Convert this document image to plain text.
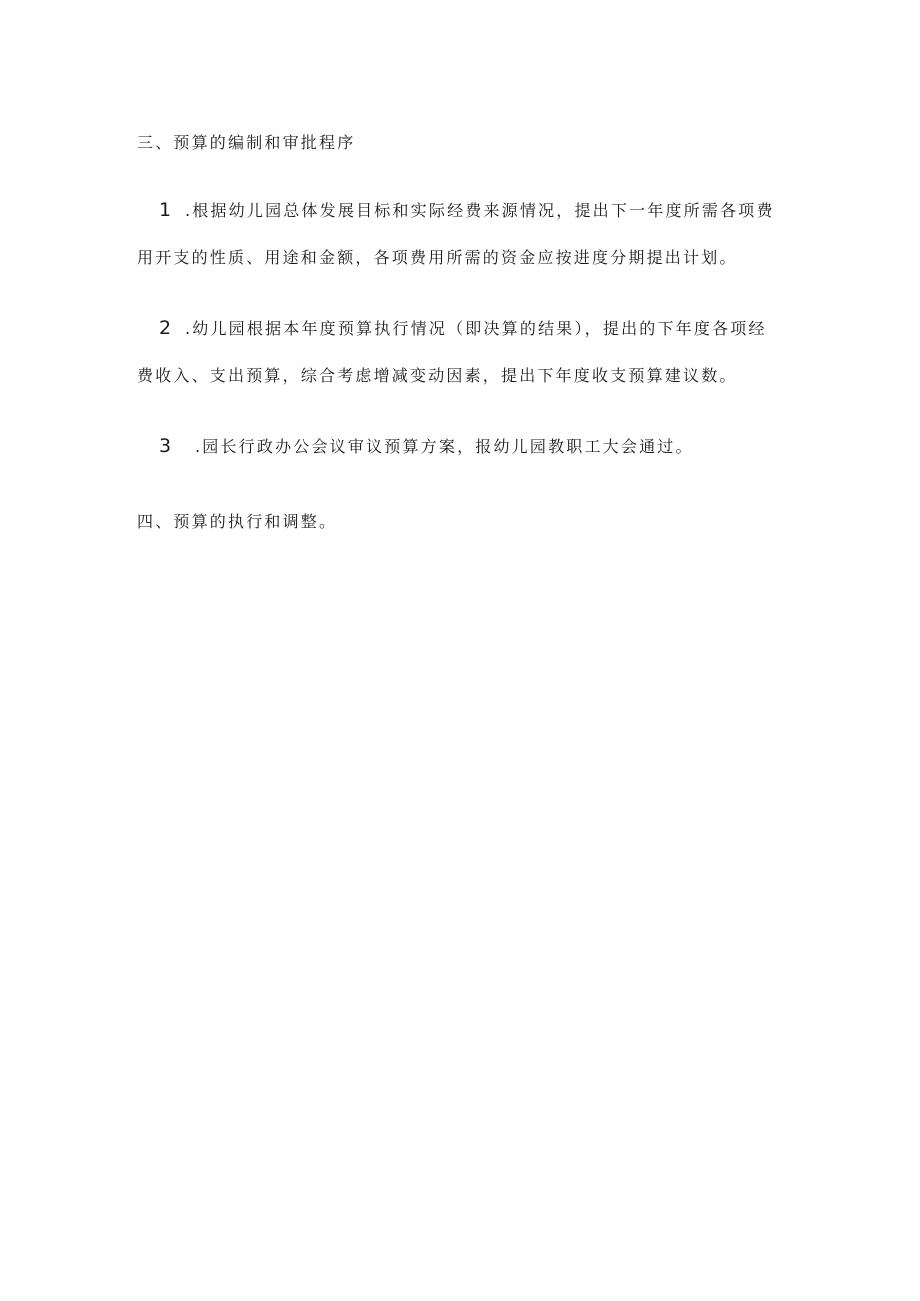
三、预算的编制和审批程序
1 .根据幼儿园总体发展目标和实际经费来源情况，提出下一年度所需各项费
用开支的性质、用途和金额，各项费用所需的资金应按进度分期提出计划。
2 .幼儿园根据本年度预算执行情况（即决算的结果），提出的下年度各项经
费收入、支出预算，综合考虑增减变动因素，提出下年度收支预算建议数。
3 .园长行政办公会议审议预算方案，报幼儿园教职工大会通过。
四、预算的执行和调整。
